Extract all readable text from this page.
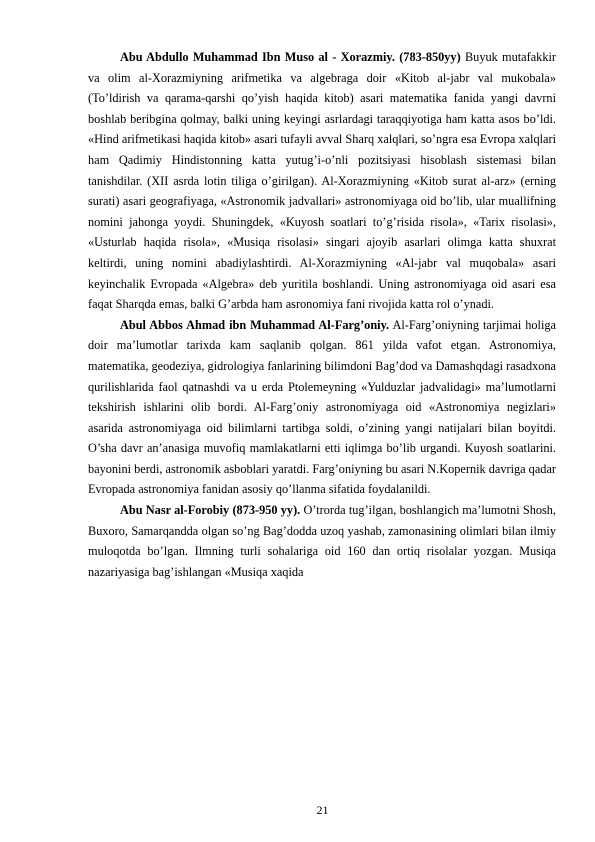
Abu Abdullo Muhammad Ibn Muso al - Xorazmiy. (783-850yy) Buyuk mutafakkir va olim al-Xorazmiyning arifmetika va algebraga doir «Kitob al-jabr val mukobala» (To’ldirish va qarama-qarshi qo’yish haqida kitob) asari matematika fanida yangi davrni boshlab beribgina qolmay, balki uning keyingi asrlardagi taraqqiyotiga ham katta asos bo’ldi. «Hind arifmetikasi haqida kitob» asari tufayli avval Sharq xalqlari, so’ngra esa Evropa xalqlari ham Qadimiy Hindistonning katta yutug’i-o’nli pozitsiyasi hisoblash sistemasi bilan tanishdilar. (XII asrda lotin tiliga o’girilgan). Al-Xorazmiyning «Kitob surat al-arz» (erning surati) asari geografiyaga, «Astronomik jadvallari» astronomiyaga oid bo’lib, ular muallifning nomini jahonga yoydi. Shuningdek, «Kuyosh soatlari to’g’risida risola», «Tarix risolasi», «Usturlab haqida risola», «Musiqa risolasi» singari ajoyib asarlari olimga katta shuxrat keltirdi, uning nomini abadiylashtirdi. Al-Xorazmiyning «Al-jabr val muqobala» asari keyinchalik Evropada «Algebra» deb yuritila boshlandi. Uning astronomiyaga oid asari esa faqat Sharqda emas, balki G’arbda ham asronomiya fani rivojida katta rol o’ynadi.

Abul Abbos Ahmad ibn Muhammad Al-Farg’oniy. Al-Farg’oniyning tarjimai holiga doir ma’lumotlar tarixda kam saqlanib qolgan. 861 yilda vafot etgan. Astronomiya, matematika, geodeziya, gidrologiya fanlarining bilimdoni Bag’dod va Damashqdagi rasadxona qurilishlarida faol qatnashdi va u erda Ptolemeyning «Yulduzlar jadvalidagi» ma’lumotlarni tekshirish ishlarini olib bordi. Al-Farg’oniy astronomiyaga oid «Astronomiya negizlari» asarida astronomiyaga oid bilimlarni tartibga soldi, o’zining yangi natijalari bilan boyitdi. O’sha davr an’anasiga muvofiq mamlakatlarni etti iqlimga bo’lib urgandi. Kuyosh soatlarini. bayonini berdi, astronomik asboblari yaratdi. Farg’oniyning bu asari N.Kopernik davriga qadar Evropada astronomiya fanidan asosiy qo’llanma sifatida foydalanildi.

Abu Nasr al-Forobiy (873-950 yy). O’trorda tug’ilgan, boshlangich ma’lumotni Shosh, Buxoro, Samarqandda olgan so’ng Bag’dodda uzoq yashab, zamonasining olimlari bilan ilmiy muloqotda bo’lgan. Ilmning turli sohalariga oid 160 dan ortiq risolalar yozgan. Musiqa nazariyasiga bag’ishlangan «Musiqa xaqida

21
